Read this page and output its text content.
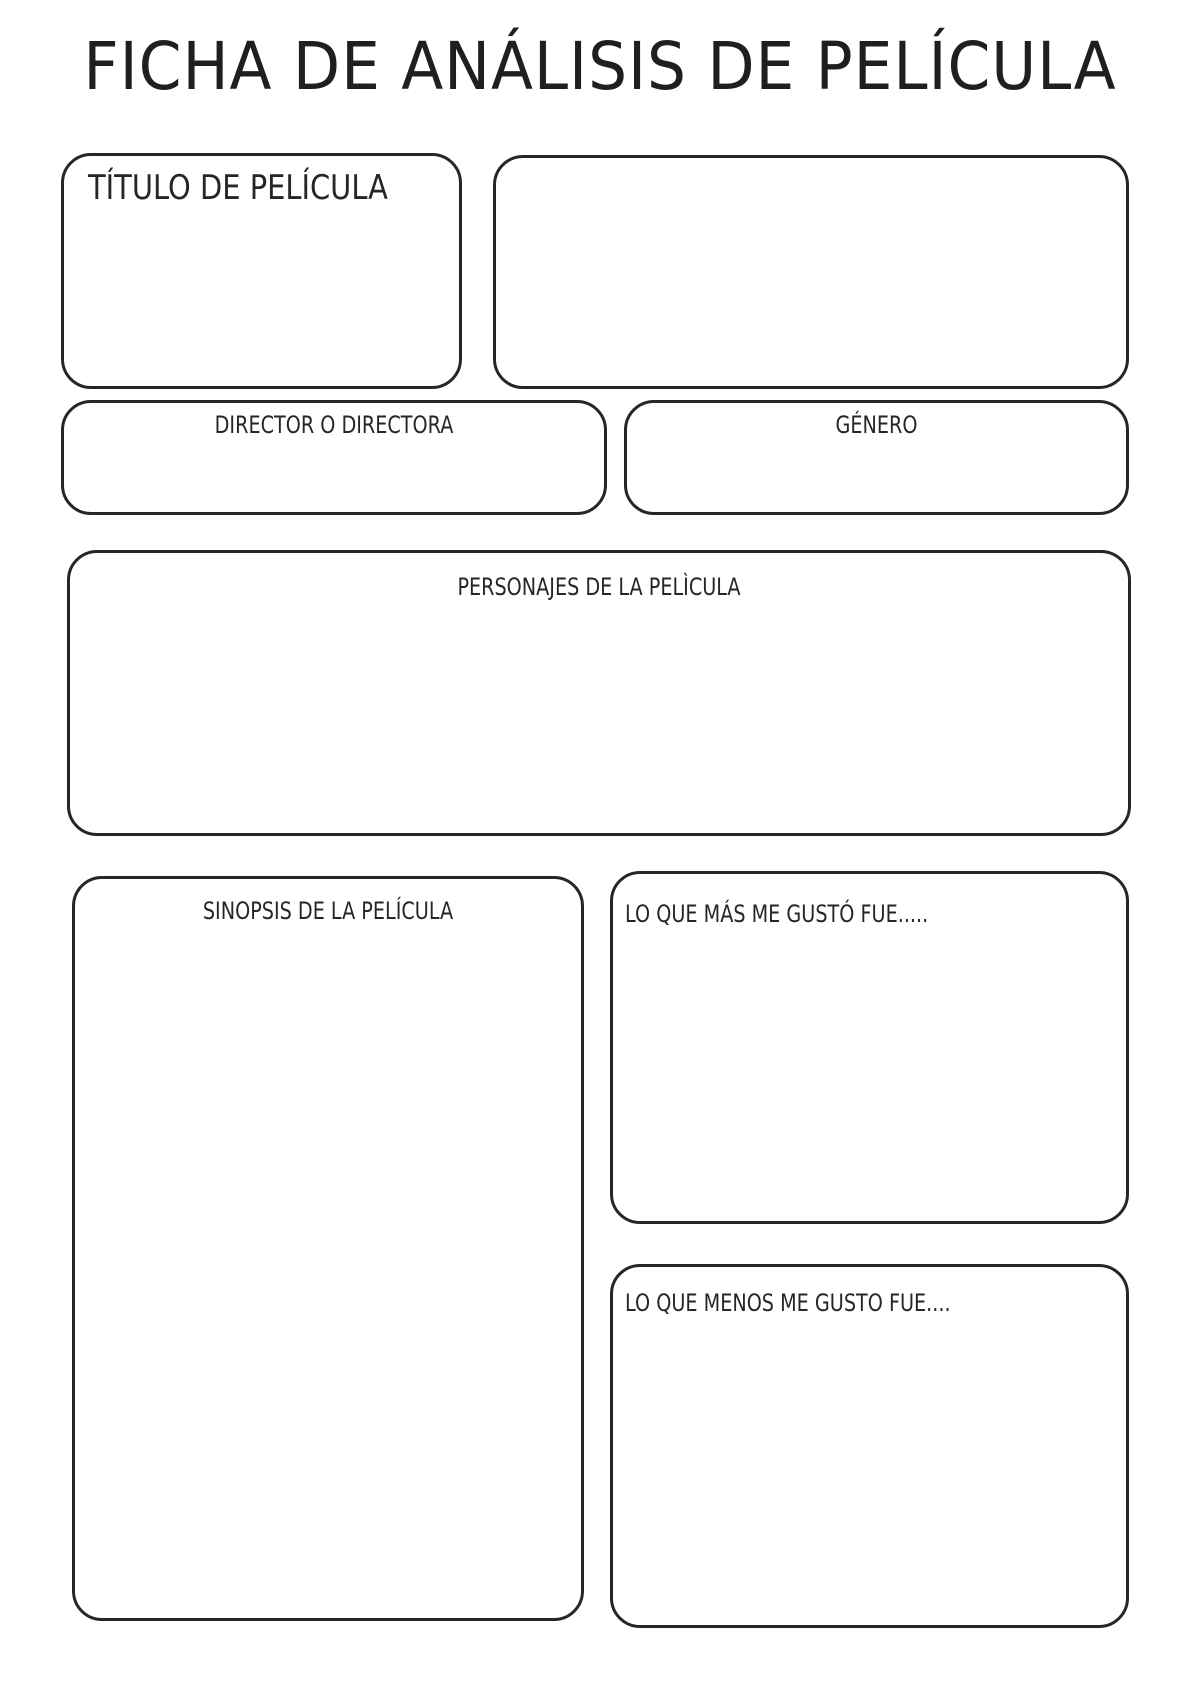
FICHA DE ANÁLISIS DE PELÍCULA
TÍTULO DE PELÍCULA
DIRECTOR O DIRECTORA	GÉNERO
PERSONAJES DE LA PELÌCULA
SINOPSIS DE LA PELÍCULA	LO QUE MÁS ME GUSTÓ FUE.....
LO QUE MENOS ME GUSTO FUE....
